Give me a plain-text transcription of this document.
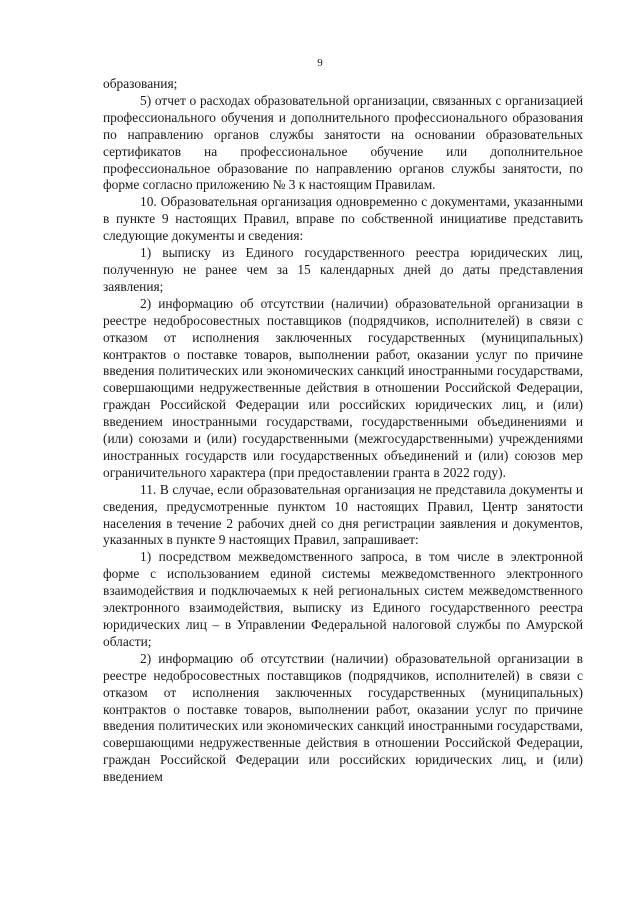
9

образования;

5) отчет о расходах образовательной организации, связанных с организацией профессионального обучения и дополнительного профессионального образования по направлению органов службы занятости на основании образовательных сертификатов на профессиональное обучение или дополнительное профессиональное образование по направлению органов службы занятости, по форме согласно приложению № 3 к настоящим Правилам.

10. Образовательная организация одновременно с документами, указанными в пункте 9 настоящих Правил, вправе по собственной инициативе представить следующие документы и сведения:

1) выписку из Единого государственного реестра юридических лиц, полученную не ранее чем за 15 календарных дней до даты представления заявления;

2) информацию об отсутствии (наличии) образовательной организации в реестре недобросовестных поставщиков (подрядчиков, исполнителей) в связи с отказом от исполнения заключенных государственных (муниципальных) контрактов о поставке товаров, выполнении работ, оказании услуг по причине введения политических или экономических санкций иностранными государствами, совершающими недружественные действия в отношении Российской Федерации, граждан Российской Федерации или российских юридических лиц, и (или) введением иностранными государствами, государственными объединениями и (или) союзами и (или) государственными (межгосударственными) учреждениями иностранных государств или государственных объединений и (или) союзов мер ограничительного характера (при предоставлении гранта в 2022 году).

11. В случае, если образовательная организация не представила документы и сведения, предусмотренные пунктом 10 настоящих Правил, Центр занятости населения в течение 2 рабочих дней со дня регистрации заявления и документов, указанных в пункте 9 настоящих Правил, запрашивает:

1) посредством межведомственного запроса, в том числе в электронной форме с использованием единой системы межведомственного электронного взаимодействия и подключаемых к ней региональных систем межведомственного электронного взаимодействия, выписку из Единого государственного реестра юридических лиц – в Управлении Федеральной налоговой службы по Амурской области;

2) информацию об отсутствии (наличии) образовательной организации в реестре недобросовестных поставщиков (подрядчиков, исполнителей) в связи с отказом от исполнения заключенных государственных (муниципальных) контрактов о поставке товаров, выполнении работ, оказании услуг по причине введения политических или экономических санкций иностранными государствами, совершающими недружественные действия в отношении Российской Федерации, граждан Российской Федерации или российских юридических лиц, и (или) введением
